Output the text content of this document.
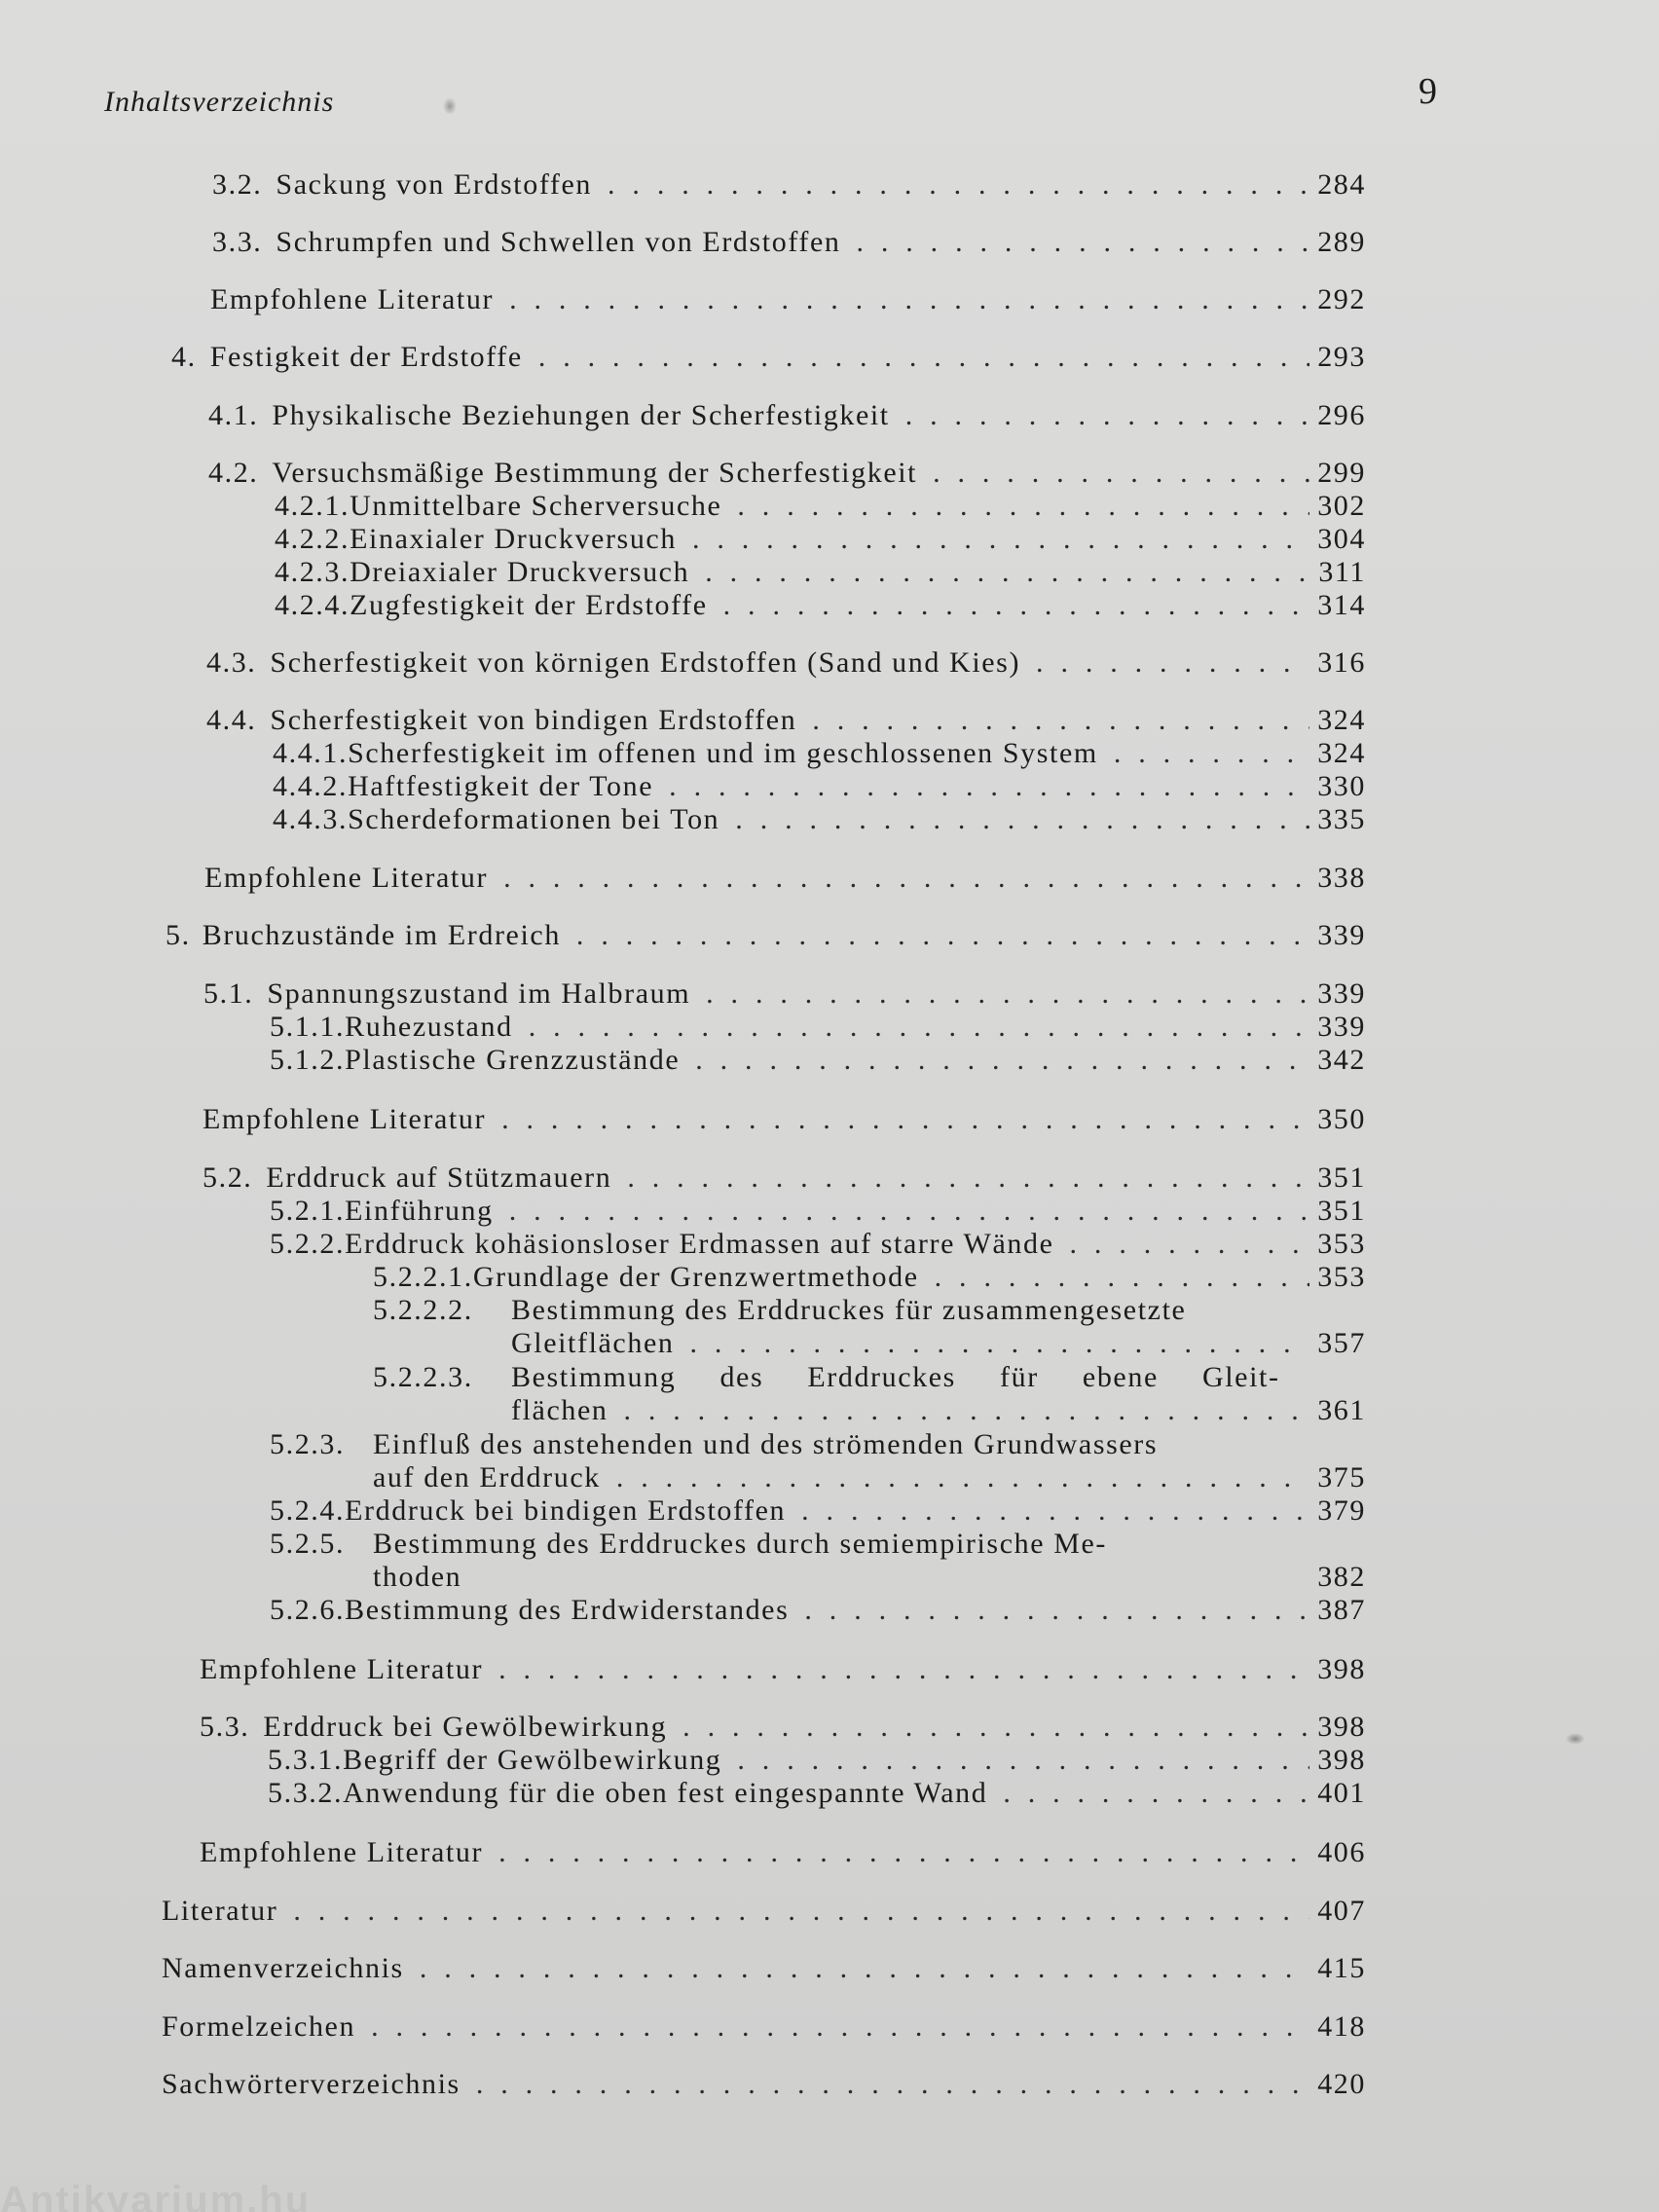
Inhaltsverzeichnis	9
3.2. Sackung von Erdstoffen . . .	284
3.3. Schrumpfen und Schwellen von Erdstoffen . . .	289
Empfohlene Literatur . . .	292
4. Festigkeit der Erdstoffe . . .	293
4.1. Physikalische Beziehungen der Scherfestigkeit . . .	296
4.2. Versuchsmäßige Bestimmung der Scherfestigkeit . . .	299
4.2.1. Unmittelbare Scherversuche . . .	302
4.2.2. Einaxialer Druckversuch . . .	304
4.2.3. Dreiaxialer Druckversuch . . .	311
4.2.4. Zugfestigkeit der Erdstoffe . . .	314
4.3. Scherfestigkeit von körnigen Erdstoffen (Sand und Kies) . . .	316
4.4. Scherfestigkeit von bindigen Erdstoffen . . .	324
4.4.1. Scherfestigkeit im offenen und im geschlossenen System . . .	324
4.4.2. Haftfestigkeit der Tone . . .	330
4.4.3. Scherdeformationen bei Ton . . .	335
Empfohlene Literatur . . .	338
5. Bruchzustände im Erdreich . . .	339
5.1. Spannungszustand im Halbraum . . .	339
5.1.1. Ruhezustand . . .	339
5.1.2. Plastische Grenzzustände . . .	342
Empfohlene Literatur . . .	350
5.2. Erddruck auf Stützmauern . . .	351
5.2.1. Einführung . . .	351
5.2.2. Erddruck kohäsionsloser Erdmassen auf starre Wände . . .	353
5.2.2.1. Grundlage der Grenzwertmethode . . .	353
5.2.2.2.	Bestimmung des Erddruckes für zusammengesetzte
Gleitflächen . . .	357
5.2.2.3.	Bestimmung des Erddruckes für ebene Gleit-
flächen . . .	361
5.2.3. Einfluß des anstehenden und des strömenden Grundwassers
auf den Erddruck . . .	375
5.2.4. Erddruck bei bindigen Erdstoffen . . .	379
5.2.5. Bestimmung des Erddruckes durch semiempirische Me-
thoden	382
5.2.6. Bestimmung des Erdwiderstandes . . .	387
Empfohlene Literatur . . .	398
5.3. Erddruck bei Gewölbewirkung . . .	398
5.3.1. Begriff der Gewölbewirkung . . .	398
5.3.2. Anwendung für die oben fest eingespannte Wand . . .	401
Empfohlene Literatur . . .	406
Literatur . . .	407
Namenverzeichnis . . .	415
Formelzeichen . . .	418
Sachwörterverzeichnis . . .	420
Antikvarium.hu
